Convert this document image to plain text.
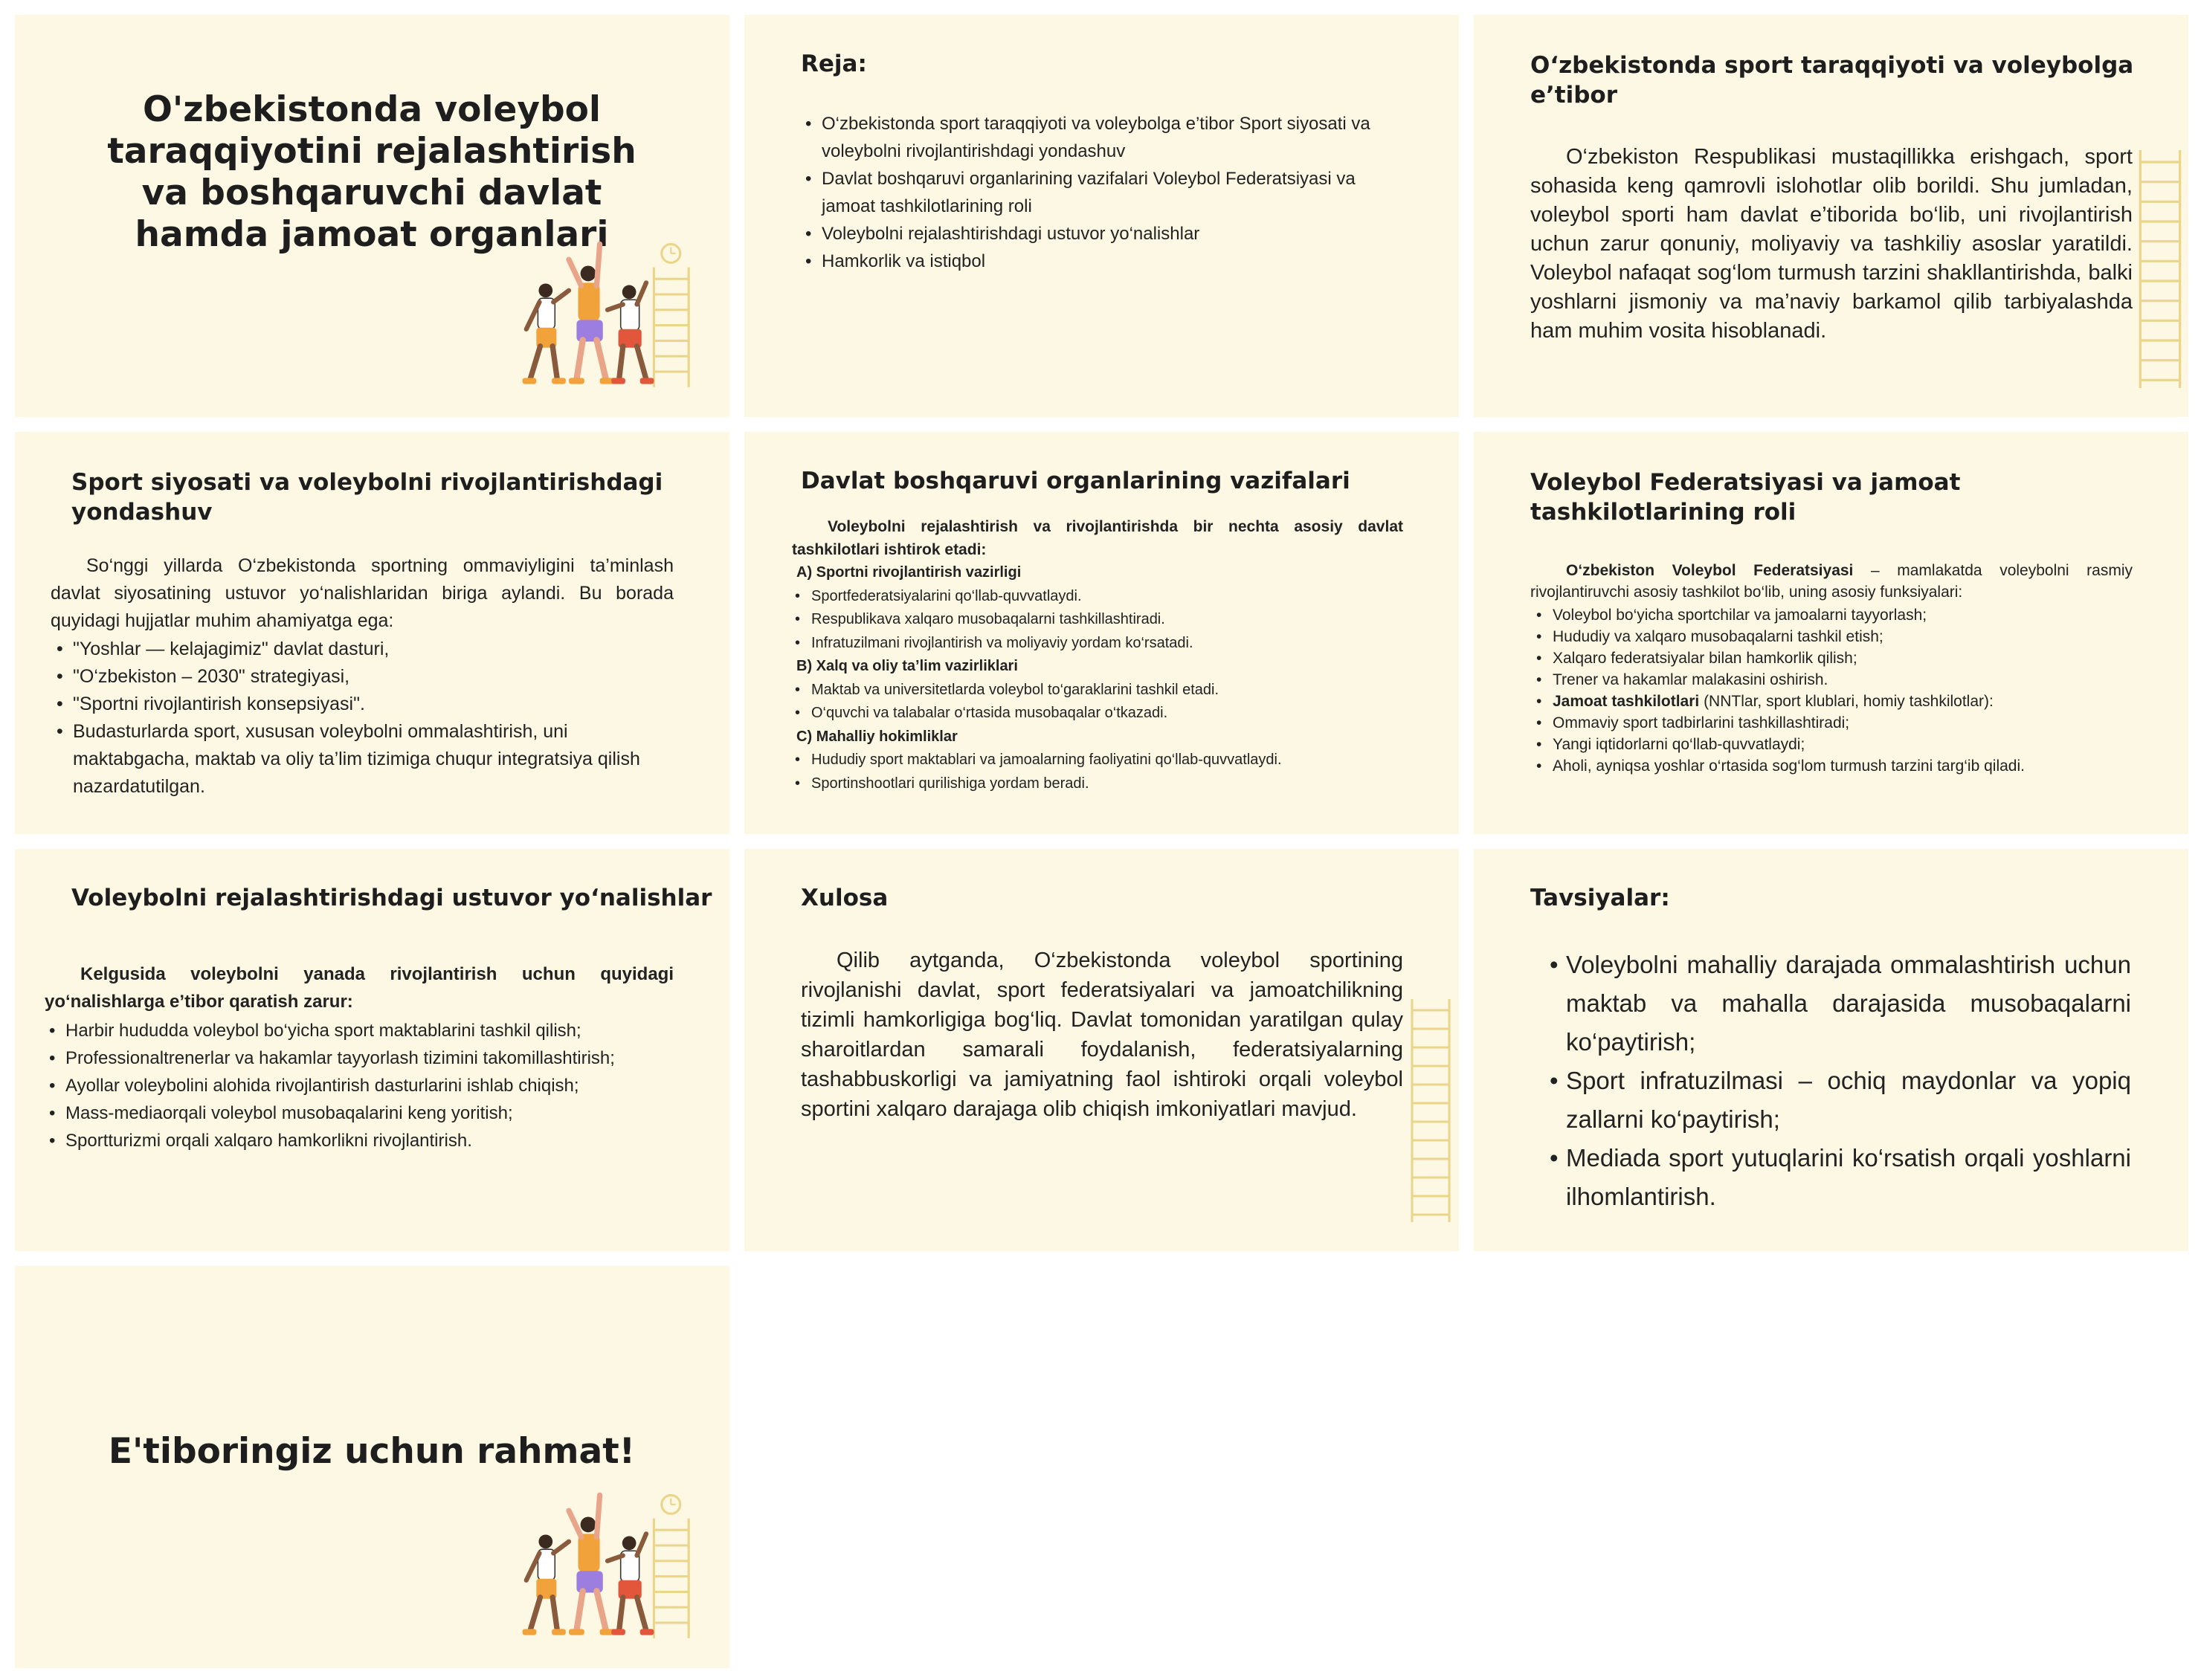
O'zbekistonda voleybol taraqqiyotini rejalashtirish va boshqaruvchi davlat hamda jamoat organlari
Reja:
• O‘zbekistonda sport taraqqiyoti va voleybolga e’tibor Sport siyosati va voleybolni rivojlantirishdagi yondashuv
• Davlat boshqaruvi organlarining vazifalari Voleybol Federatsiyasi va jamoat tashkilotlarining roli
• Voleybolni rejalashtirishdagi ustuvor yo‘nalishlar
• Hamkorlik va istiqbol
O‘zbekistonda sport taraqqiyoti va voleybolga e’tibor

O‘zbekiston Respublikasi mustaqillikka erishgach, sport sohasida keng qamrovli islohotlar olib borildi. Shu jumladan, voleybol sporti ham davlat e’tiborida bo‘lib, uni rivojlantirish uchun zarur qonuniy, moliyaviy va tashkiliy asoslar yaratildi. Voleybol nafaqat sog‘lom turmush tarzini shakllantirishda, balki yoshlarni jismoniy va ma’naviy barkamol qilib tarbiyalashda ham muhim vosita hisoblanadi.

Sport siyosati va voleybolni rivojlantirishdagi yondashuv

So‘nggi yillarda O‘zbekistonda sportning ommaviyligini ta’minlash davlat siyosatining ustuvor yo‘nalishlaridan biriga aylandi. Bu borada quyidagi hujjatlar muhim ahamiyatga ega:

• "Yoshlar — kelajagimiz" davlat dasturi,
• "O‘zbekiston – 2030" strategiyasi,
• "Sportni rivojlantirish konsepsiyasi".
• Budasturlarda sport, xususan voleybolni ommalashtirish, uni maktabgacha, maktab va oliy ta’lim tizimiga chuqur integratsiya qilish nazardatutilgan.
Davlat boshqaruvi organlarining vazifalari

Voleybolni rejalashtirish va rivojlantirishda bir nechta asosiy davlat tashkilotlari ishtirok etadi:

A) Sportni rivojlantirish vazirligi
• Sportfederatsiyalarini qo‘llab-quvvatlaydi.
• Respublikava xalqaro musobaqalarni tashkillashtiradi.
• Infratuzilmani rivojlantirish va moliyaviy yordam ko‘rsatadi.
B) Xalq va oliy ta’lim vazirliklari
• Maktab va universitetlarda voleybol to‘garaklarini tashkil etadi.
• O‘quvchi va talabalar o‘rtasida musobaqalar o‘tkazadi.
C) Mahalliy hokimliklar
• Hududiy sport maktablari va jamoalarning faoliyatini qo‘llab-quvvatlaydi.
• Sportinshootlari qurilishiga yordam beradi.
Voleybol Federatsiyasi va jamoat tashkilotlarining roli

O‘zbekiston Voleybol Federatsiyasi – mamlakatda voleybolni rasmiy rivojlantiruvchi asosiy tashkilot bo‘lib, uning asosiy funksiyalari:

• Voleybol bo‘yicha sportchilar va jamoalarni tayyorlash;
• Hududiy va xalqaro musobaqalarni tashkil etish;
• Xalqaro federatsiyalar bilan hamkorlik qilish;
• Trener va hakamlar malakasini oshirish.
• Jamoat tashkilotlari (NNTlar, sport klublari, homiy tashkilotlar):
• Ommaviy sport tadbirlarini tashkillashtiradi;
• Yangi iqtidorlarni qo‘llab-quvvatlaydi;
• Aholi, ayniqsa yoshlar o‘rtasida sog‘lom turmush tarzini targ‘ib qiladi.
Voleybolni rejalashtirishdagi ustuvor yo‘nalishlar

Kelgusida voleybolni yanada rivojlantirish uchun quyidagi yo‘nalishlarga e’tibor qaratish zarur:

• Harbir hududda voleybol bo‘yicha sport maktablarini tashkil qilish;
• Professionaltrenerlar va hakamlar tayyorlash tizimini takomillashtirish;
• Ayollar voleybolini alohida rivojlantirish dasturlarini ishlab chiqish;
• Mass-mediaorqali voleybol musobaqalarini keng yoritish;
• Sportturizmi orqali xalqaro hamkorlikni rivojlantirish.
Xulosa

Qilib aytganda, O‘zbekistonda voleybol sportining rivojlanishi davlat, sport federatsiyalari va jamoatchilikning tizimli hamkorligiga bog‘liq. Davlat tomonidan yaratilgan qulay sharoitlardan samarali foydalanish, federatsiyalarning tashabbuskorligi va jamiyatning faol ishtiroki orqali voleybol sportini xalqaro darajaga olib chiqish imkoniyatlari mavjud.

Tavsiyalar:
• Voleybolni mahalliy darajada ommalashtirish uchun maktab va mahalla darajasida musobaqalarni ko‘paytirish;
• Sport infratuzilmasi – ochiq maydonlar va yopiq zallarni ko‘paytirish;
• Mediada sport yutuqlarini ko‘rsatish orqali yoshlarni ilhomlantirish.
E'tiboringiz uchun rahmat!
